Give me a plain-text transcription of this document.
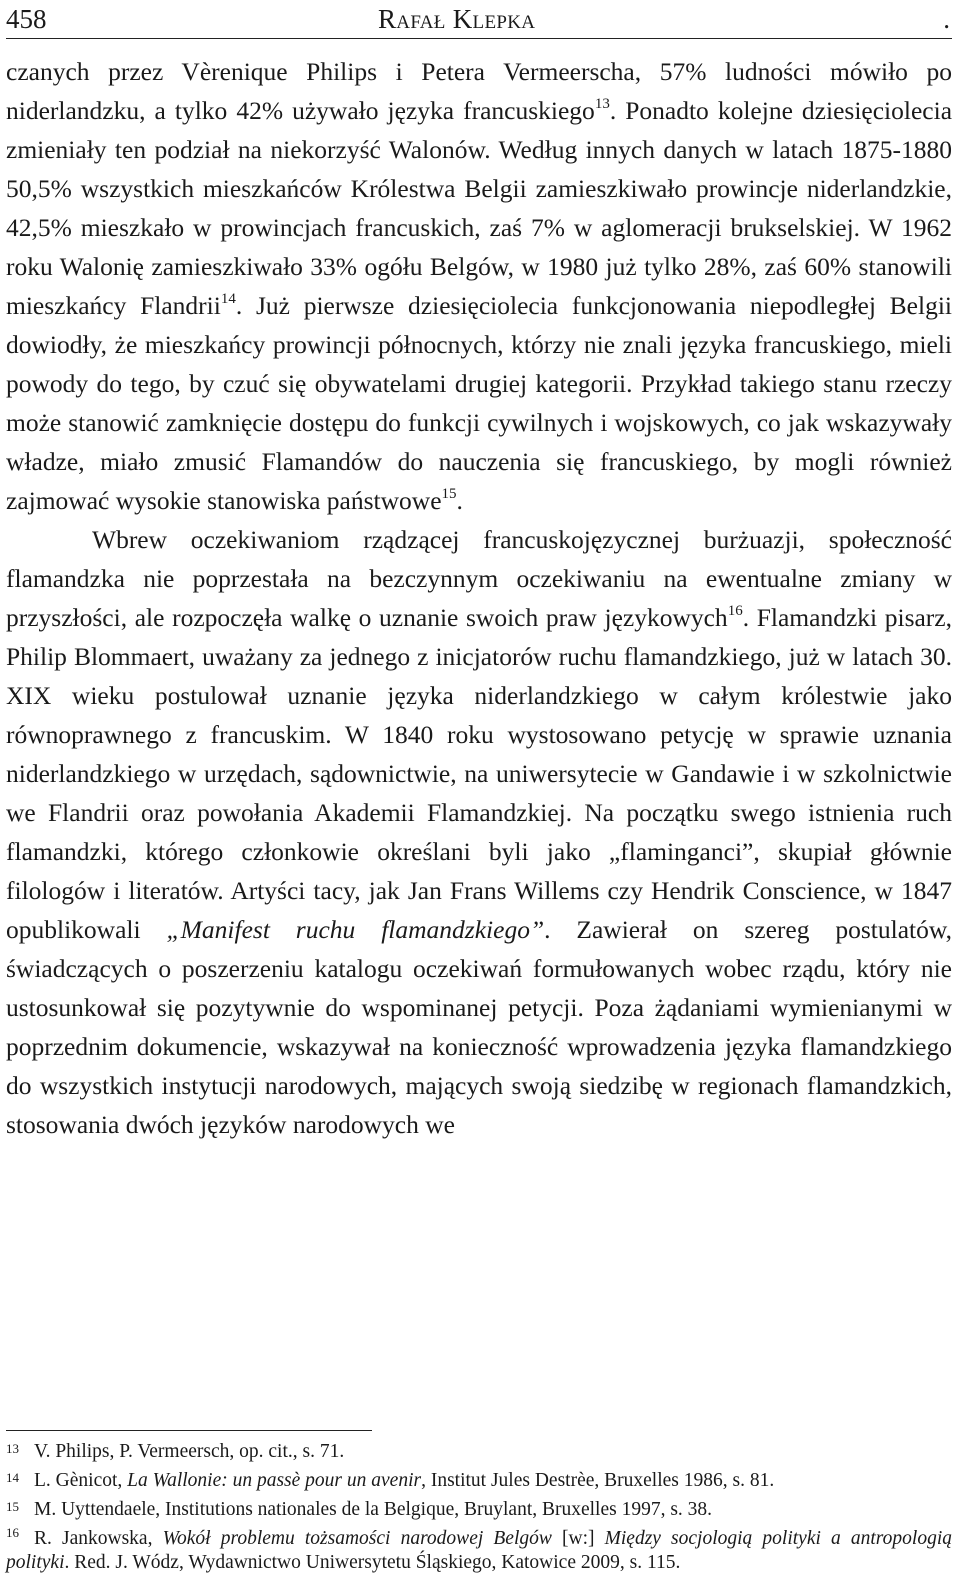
458	Rafał Klepka	.

czanych przez Vèrenique Philips i Petera Vermeerscha, 57% ludności mówiło po niderlandzku, a tylko 42% używało języka francuskiego$^{13}$. Ponadto kolejne dziesięciolecia zmieniały ten podział na niekorzyść Walonów. Według innych danych w latach 1875-1880 50,5% wszystkich mieszkańców Królestwa Belgii zamieszkiwało prowincje niderlandzkie, 42,5% mieszkało w prowincjach francuskich, zaś 7% w aglomeracji brukselskiej. W 1962 roku Walonię zamieszkiwało 33% ogółu Belgów, w 1980 już tylko 28%, zaś 60% stanowili mieszkańcy Flandrii$^{14}$. Już pierwsze dziesięciolecia funkcjonowania niepodległej Belgii dowiodły, że mieszkańcy prowincji północnych, którzy nie znali języka francuskiego, mieli powody do tego, by czuć się obywatelami drugiej kategorii. Przykład takiego stanu rzeczy może stanowić zamknięcie dostępu do funkcji cywilnych i wojskowych, co jak wskazywały władze, miało zmusić Flamandów do nauczenia się francuskiego, by mogli również zajmować wysokie stanowiska państwowe$^{15}$.

Wbrew oczekiwaniom rządzącej francuskojęzycznej burżuazji, społeczność flamandzka nie poprzestała na bezczynnym oczekiwaniu na ewentualne zmiany w przyszłości, ale rozpoczęła walkę o uznanie swoich praw językowych$^{16}$. Flamandzki pisarz, Philip Blommaert, uważany za jednego z inicjatorów ruchu flamandzkiego, już w latach 30. XIX wieku postulował uznanie języka niderlandzkiego w całym królestwie jako równoprawnego z francuskim. W 1840 roku wystosowano petycję w sprawie uznania niderlandzkiego w urzędach, sądownictwie, na uniwersytecie w Gandawie i w szkolnictwie we Flandrii oraz powołania Akademii Flamandzkiej. Na początku swego istnienia ruch flamandzki, którego członkowie określani byli jako „flaminganci”, skupiał głównie filologów i literatów. Artyści tacy, jak Jan Frans Willems czy Hendrik Conscience, w 1847 opublikowali „Manifest ruchu flamandzkiego”. Zawierał on szereg postulatów, świadczących o poszerzeniu katalogu oczekiwań formułowanych wobec rządu, który nie ustosunkował się pozytywnie do wspominanej petycji. Poza żądaniami wymienianymi w poprzednim dokumencie, wskazywał na konieczność wprowadzenia języka flamandzkiego do wszystkich instytucji narodowych, mających swoją siedzibę w regionach flamandzkich, stosowania dwóch języków narodowych we

13 V. Philips, P. Vermeersch, op. cit., s. 71.
14 L. Gènicot, La Wallonie: un passè pour un avenir, Institut Jules Destrèe, Bruxelles 1986, s. 81.
15 M. Uyttendaele, Institutions nationales de la Belgique, Bruylant, Bruxelles 1997, s. 38.
$^{16}$ R. Jankowska, Wokół problemu tożsamości narodowej Belgów [w:] Między socjologią polityki a antropologią polityki. Red. J. Wódz, Wydawnictwo Uniwersytetu Śląskiego, Katowice 2009, s. 115.
